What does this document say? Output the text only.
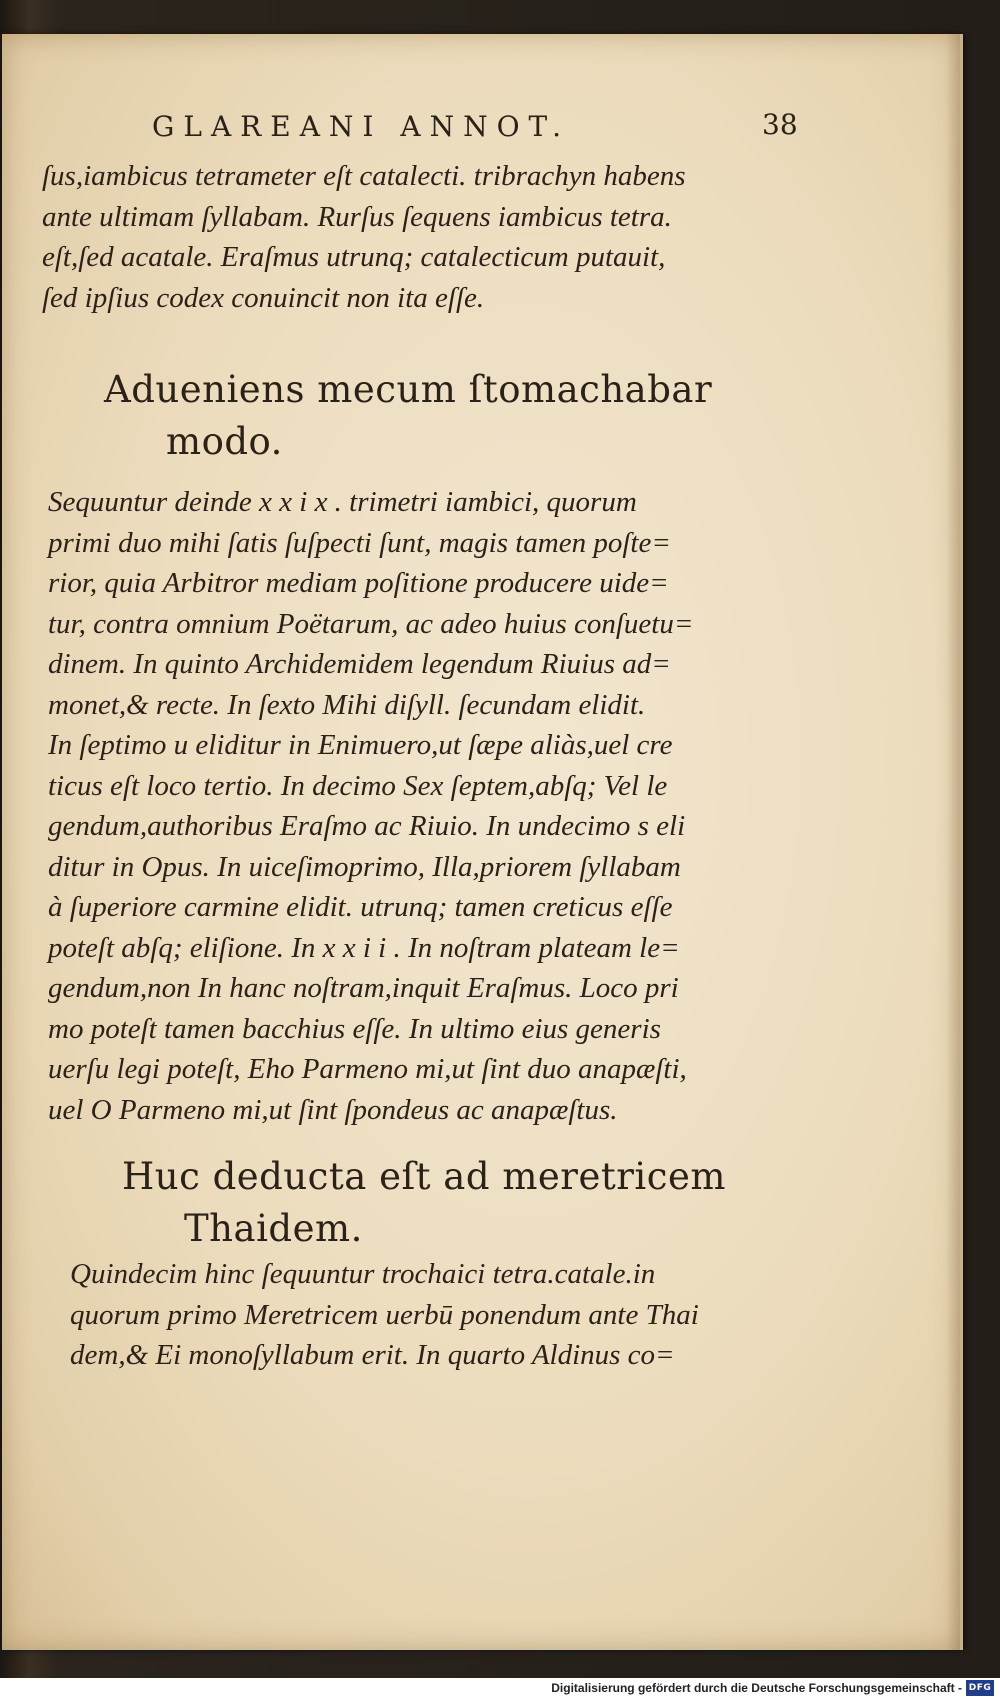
GLAREANI ANNOT.	38
ſus,iambicus tetrameter eſt catalecti. tribrachyn habens
ante ultimam ſyllabam. Rurſus ſequens iambicus tetra.
eſt,ſed acatale. Eraſmus utrunq; catalecticum putauit,
ſed ipſius codex conuincit non ita eſſe.
Adueniens mecum ſtomachabar
modo.
Sequuntur deinde x x i x . trimetri iambici, quorum
primi duo mihi ſatis ſuſpecti ſunt, magis tamen poſte=
rior, quia Arbitror mediam poſitione producere uide=
tur, contra omnium Poëtarum, ac adeo huius conſuetu=
dinem. In quinto Archidemidem legendum Riuius ad=
monet,& recte. In ſexto Mihi diſyll. ſecundam elidit.
In ſeptimo u eliditur in Enimuero,ut ſæpe aliàs,uel cre
ticus eſt loco tertio. In decimo Sex ſeptem,abſq; Vel le
gendum,authoribus Eraſmo ac Riuio. In undecimo s eli
ditur in Opus. In uiceſimoprimo, Illa,priorem ſyllabam
à ſuperiore carmine elidit. utrunq; tamen creticus eſſe
poteſt abſq; eliſione. In x x i i . In noſtram plateam le=
gendum,non In hanc noſtram,inquit Eraſmus. Loco pri
mo poteſt tamen bacchius eſſe. In ultimo eius generis
uerſu legi poteſt, Eho Parmeno mi,ut ſint duo anapæſti,
uel O Parmeno mi,ut ſint ſpondeus ac anapæſtus.
Huc deducta eſt ad meretricem
Thaidem.
Quindecim hinc ſequuntur trochaici tetra.catale.in
quorum primo Meretricem uerbū ponendum ante Thai
dem,& Ei monoſyllabum erit. In quarto Aldinus co=
Digitalisierung gefördert durch die Deutsche Forschungsgemeinschaft - DFG
